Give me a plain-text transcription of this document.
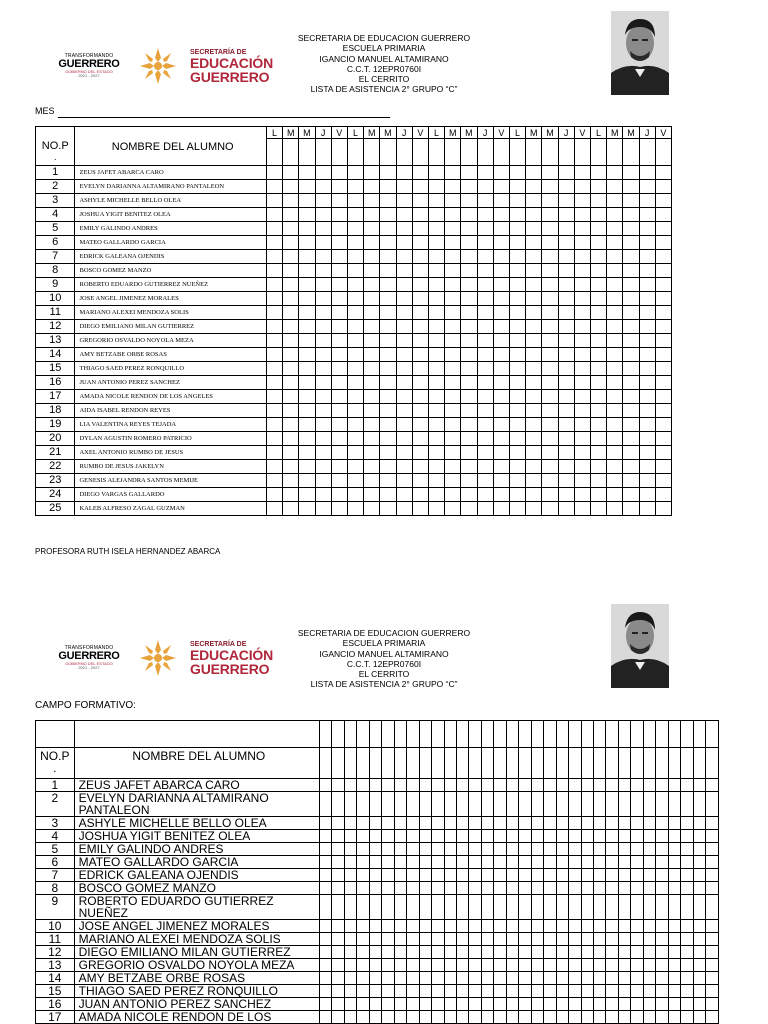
TRANSFORMANDO
GUERRERO
GOBIERNO DEL ESTADO
2021 - 2027
SECRETARÍA DE
EDUCACIÓN
GUERRERO
SECRETARIA DE EDUCACION GUERRERO
ESCUELA PRIMARIA
IGANCIO MANUEL ALTAMIRANO
C.C.T. 12EPR0760I
EL CERRITO
LISTA DE ASISTENCIA 2° GRUPO “C”
MES
NO.P
.	NOMBRE DEL ALUMNO	L	M	M	J	V	L	M	M	J	V	L	M	M	J	V	L	M	M	J	V	L	M	M	J	V

1	ZEUS JAFET ABARCA CARO																									
2	EVELYN DARIANNA ALTAMIRANO PANTALEON																									
3	ASHYLE MICHELLE BELLO OLEA																									
4	JOSHUA YIGIT BENITEZ OLEA																									
5	EMILY GALINDO ANDRES																									
6	MATEO GALLARDO GARCIA																									
7	EDRICK GALEANA OJENDIS																									
8	BOSCO GOMEZ MANZO																									
9	ROBERTO EDUARDO GUTIERREZ NUEÑEZ																									
10	JOSE ANGEL JIMENEZ MORALES																									
11	MARIANO ALEXEI MENDOZA SOLIS																									
12	DIEGO EMILIANO MILAN GUTIERREZ																									
13	GREGORIO OSVALDO NOYOLA MEZA																									
14	AMY BETZABE ORBE ROSAS																									
15	THIAGO SAED PEREZ RONQUILLO																									
16	JUAN ANTONIO PEREZ SANCHEZ																									
17	AMADA NICOLE RENDON DE LOS ANGELES																									
18	AIDA ISABEL RENDON REYES																									
19	LIA VALENTINA REYES TEJADA																									
20	DYLAN AGUSTIN ROMERO PATRICIO																									
21	AXEL ANTONIO RUMBO DE JESUS																									
22	RUMBO DE JESUS JAKELYN																									
23	GENESIS ALEJANDRA SANTOS MEMIJE																									
24	DIEGO VARGAS GALLARDO																									
25	KALEB ALFRESO ZAGAL GUZMAN																									
PROFESORA RUTH ISELA HERNANDEZ ABARCA
TRANSFORMANDO
GUERRERO
GOBIERNO DEL ESTADO
2021 - 2027
SECRETARÍA DE
EDUCACIÓN
GUERRERO
SECRETARIA DE EDUCACION GUERRERO
ESCUELA PRIMARIA
IGANCIO MANUEL ALTAMIRANO
C.C.T. 12EPR0760I
EL CERRITO
LISTA DE ASISTENCIA 2° GRUPO “C”
CAMPO FORMATIVO:

NO.P
.	NOMBRE DEL ALUMNO																																

1	ZEUS JAFET ABARCA CARO																																
2	EVELYN DARIANNA ALTAMIRANO PANTALEON																																
3	ASHYLE MICHELLE BELLO OLEA																																
4	JOSHUA YIGIT BENITEZ OLEA																																
5	EMILY GALINDO ANDRES																																
6	MATEO GALLARDO GARCIA																																
7	EDRICK GALEANA OJENDIS																																
8	BOSCO GOMEZ MANZO																																
9	ROBERTO EDUARDO GUTIERREZ NUEÑEZ																																
10	JOSE ANGEL JIMENEZ MORALES																																
11	MARIANO ALEXEI MENDOZA SOLIS																																
12	DIEGO EMILIANO MILAN GUTIERREZ																																
13	GREGORIO OSVALDO NOYOLA MEZA																																
14	AMY BETZABE ORBE ROSAS																																
15	THIAGO SAED PEREZ RONQUILLO																																
16	JUAN ANTONIO PEREZ SANCHEZ																																
17	AMADA NICOLE RENDON DE LOS																																
